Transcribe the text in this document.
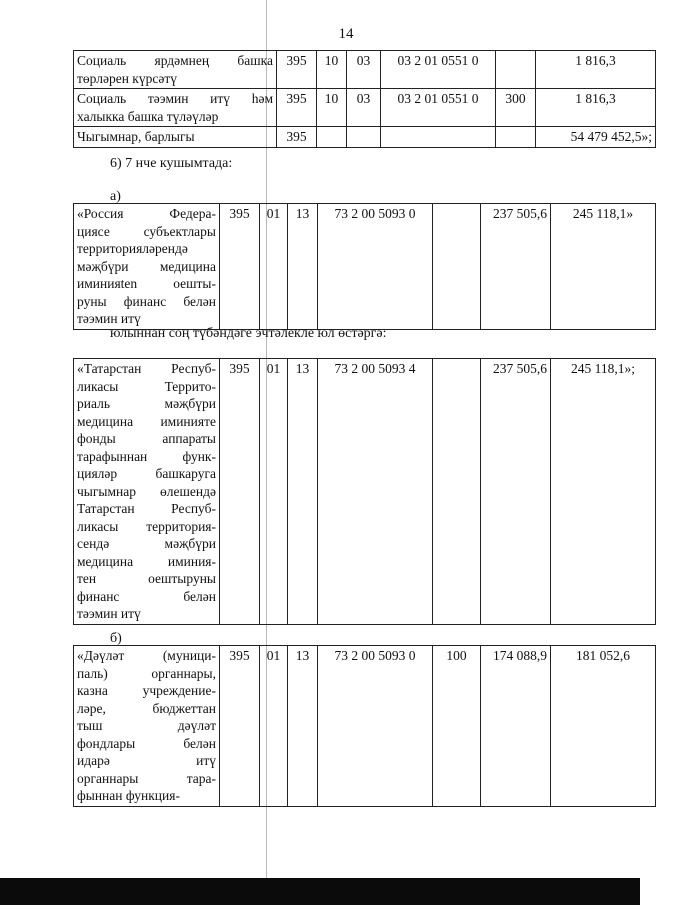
14
Социаль ярдәмнең башка
төрләрен күрсәтү	395	10	03	03 2 01 0551 0		1 816,3
Социаль тәэмин итү һәм
халыкка башка түләүләр	395	10	03	03 2 01 0551 0	300	1 816,3
Чыгымнар, барлыгы	395					54 479 452,5»;
6) 7 нче кушымтада:
а)
«Россия Федера- циясе субъектлары территорияләрендә мәҗбүри медицина иминияten оешты- руны финанс белән
тәэмин итү
	395	01	13	73 2 00 5093 0		237 505,6	245 118,1»
юлыннан соң түбәндәге эчтәлекле юл өстәргә:
«Татарстан Респуб- ликасы Террито- риаль мәҗбүри медицина иминияте фонды аппараты тарафыннан функ- цияләр башкаруга чыгымнар өлешендә Татарстан Респуб- ликасы территория- сендә мәҗбүри медицина иминия- тен оештыруны финанс белән
тәэмин итү
	395	01	13	73 2 00 5093 4		237 505,6	245 118,1»;
б)
«Дәүләт (муници- паль) органнары, казна учреждение- ләре, бюджеттан тыш дәүләт фондлары белән идарә итү органнары тара-
фыннан функция-
	395	01	13	73 2 00 5093 0	100	174 088,9	181 052,6
